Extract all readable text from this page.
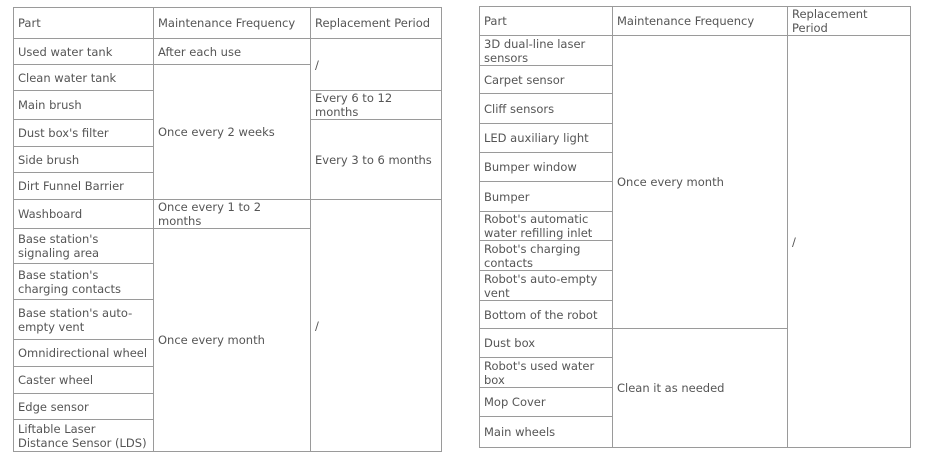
Part	Maintenance Frequency	Replacement Period
Used water tank	After each use	/
Clean water tank	Once every 2 weeks	
Main brush		Every 6 to 12 months
Dust box's filter		Every 3 to 6 months
Side brush		
Dirt Funnel Barrier		
Washboard	Once every 1 to 2 months	/
Base station's signaling area	Once every month	
Base station's charging contacts		
Base station's auto-empty vent		
Omnidirectional wheel		
Caster wheel		
Edge sensor		
Liftable Laser Distance Sensor (LDS)		
Part	Maintenance Frequency	Replacement Period
3D dual-line laser sensors	Once every month	/
Carpet sensor		
Cliff sensors		
LED auxiliary light		
Bumper window		
Bumper		
Robot's automatic water refilling inlet		
Robot's charging contacts		
Robot's auto-empty vent		
Bottom of the robot		
Dust box	Clean it as needed	
Robot's used water box		
Mop Cover		
Main wheels		
